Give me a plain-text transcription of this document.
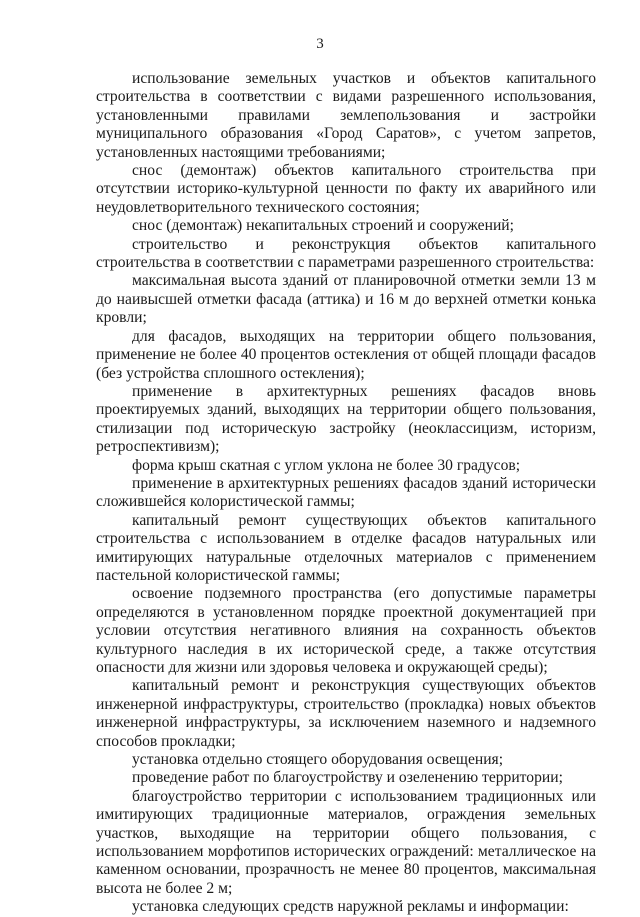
3

использование земельных участков и объектов капитального строительства в соответствии с видами разрешенного использования, установленными правилами землепользования и застройки муниципального образования «Город Саратов», с учетом запретов, установленных настоящими требованиями;

снос (демонтаж) объектов капитального строительства при отсутствии историко-культурной ценности по факту их аварийного или неудовлетворительного технического состояния;

снос (демонтаж) некапитальных строений и сооружений;

строительство и реконструкция объектов капитального строительства в соответствии с параметрами разрешенного строительства:

максимальная высота зданий от планировочной отметки земли 13 м до наивысшей отметки фасада (аттика) и 16 м до верхней отметки конька кровли;

для фасадов, выходящих на территории общего пользования, применение не более 40 процентов остекления от общей площади фасадов (без устройства сплошного остекления);

применение в архитектурных решениях фасадов вновь проектируемых зданий, выходящих на территории общего пользования, стилизации под историческую застройку (неоклассицизм, историзм, ретроспективизм);

форма крыш скатная с углом уклона не более 30 градусов;

применение в архитектурных решениях фасадов зданий исторически сложившейся колористической гаммы;

капитальный ремонт существующих объектов капитального строительства с использованием в отделке фасадов натуральных или имитирующих натуральные отделочных материалов с применением пастельной колористической гаммы;

освоение подземного пространства (его допустимые параметры определяются в установленном порядке проектной документацией при условии отсутствия негативного влияния на сохранность объектов культурного наследия в их исторической среде, а также отсутствия опасности для жизни или здоровья человека и окружающей среды);

капитальный ремонт и реконструкция существующих объектов инженерной инфраструктуры, строительство (прокладка) новых объектов инженерной инфраструктуры, за исключением наземного и надземного способов прокладки;

установка отдельно стоящего оборудования освещения;

проведение работ по благоустройству и озеленению территории;

благоустройство территории с использованием традиционных или имитирующих традиционные материалов, ограждения земельных участков, выходящие на территории общего пользования, с использованием морфотипов исторических ограждений: металлическое на каменном основании, прозрачность не менее 80 процентов, максимальная высота не более 2 м;

установка следующих средств наружной рекламы и информации:
